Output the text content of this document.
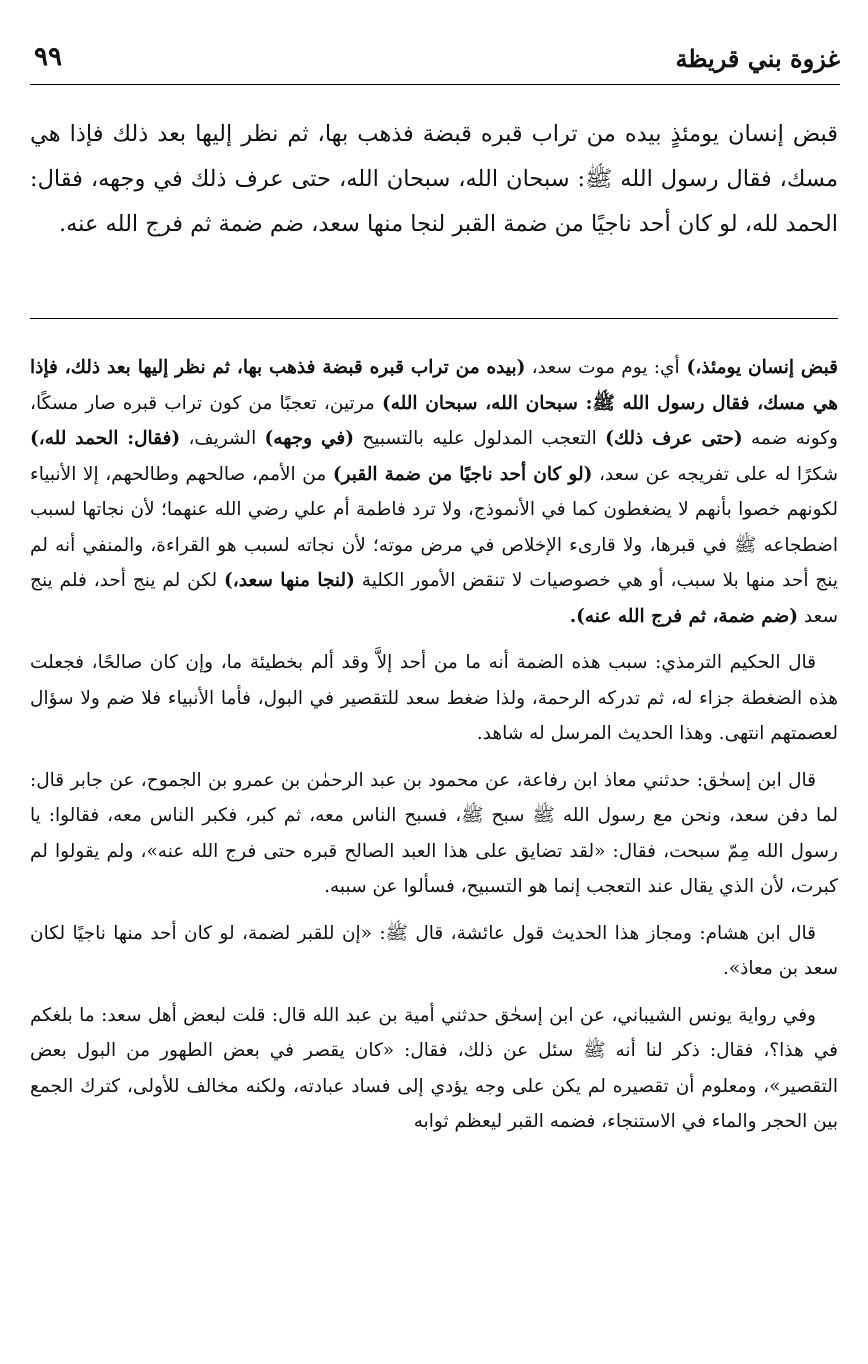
غزوة بني قريظة
٩٩
قبض إنسان يومئذٍ بيده من تراب قبره قبضة فذهب بها، ثم نظر إليها بعد ذلك فإذا هي مسك، فقال رسول الله ﷺ: سبحان الله، سبحان الله، حتى عرف ذلك في وجهه، فقال: الحمد لله، لو كان أحد ناجيًا من ضمة القبر لنجا منها سعد، ضم ضمة ثم فرج الله عنه.

قبض إنسان يومئذ،) أي: يوم موت سعد، (بيده من تراب قبره قبضة فذهب بها، ثم نظر إليها بعد ذلك، فإذا هي مسك، فقال رسول الله ﷺ: سبحان الله، سبحان الله) مرتين، تعجبًا من كون تراب قبره صار مسكًا، وكونه ضمه (حتى عرف ذلك) التعجب المدلول عليه بالتسبيح (في وجهه) الشريف، (فقال: الحمد لله،) شكرًا له على تفريجه عن سعد، (لو كان أحد ناجيًا من ضمة القبر) من الأمم، صالحهم وطالحهم، إلا الأنبياء لكونهم خصوا بأنهم لا يضغطون كما في الأنموذج، ولا ترد فاطمة أم علي رضي الله عنهما؛ لأن نجاتها لسبب اضطجاعه ﷺ في قبرها، ولا قارىء الإخلاص في مرض موته؛ لأن نجاته لسبب هو القراءة، والمنفي أنه لم ينج أحد منها بلا سبب، أو هي خصوصيات لا تنقض الأمور الكلية (لنجا منها سعد،) لكن لم ينج أحد، فلم ينج سعد (ضم ضمة، ثم فرج الله عنه).

قال الحكيم الترمذي: سبب هذه الضمة أنه ما من أحد إلاَّ وقد ألم بخطيئة ما، وإن كان صالحًا، فجعلت هذه الضغطة جزاء له، ثم تدركه الرحمة، ولذا ضغط سعد للتقصير في البول، فأما الأنبياء فلا ضم ولا سؤال لعصمتهم انتهى. وهذا الحديث المرسل له شاهد.

قال ابن إسحٰق: حدثني معاذ ابن رفاعة، عن محمود بن عبد الرحمٰن بن عمرو بن الجموح، عن جابر قال: لما دفن سعد، ونحن مع رسول الله ﷺ سبح ﷺ، فسبح الناس معه، ثم كبر، فكبر الناس معه، فقالوا: يا رسول الله مِمّ سبحت، فقال: «لقد تضايق على هذا العبد الصالح قبره حتى فرج الله عنه»، ولم يقولوا لم كبرت، لأن الذي يقال عند التعجب إنما هو التسبيح، فسألوا عن سببه.

قال ابن هشام: ومجاز هذا الحديث قول عائشة، قال ﷺ: «إن للقبر لضمة، لو كان أحد منها ناجيًا لكان سعد بن معاذ».

وفي رواية يونس الشيباني، عن ابن إسحٰق حدثني أمية بن عبد الله قال: قلت لبعض أهل سعد: ما بلغكم في هذا؟، فقال: ذكر لنا أنه ﷺ سئل عن ذلك، فقال: «كان يقصر في بعض الطهور من البول بعض التقصير»، ومعلوم أن تقصيره لم يكن على وجه يؤدي إلى فساد عبادته، ولكنه مخالف للأولى، كترك الجمع بين الحجر والماء في الاستنجاء، فضمه القبر ليعظم ثوابه
